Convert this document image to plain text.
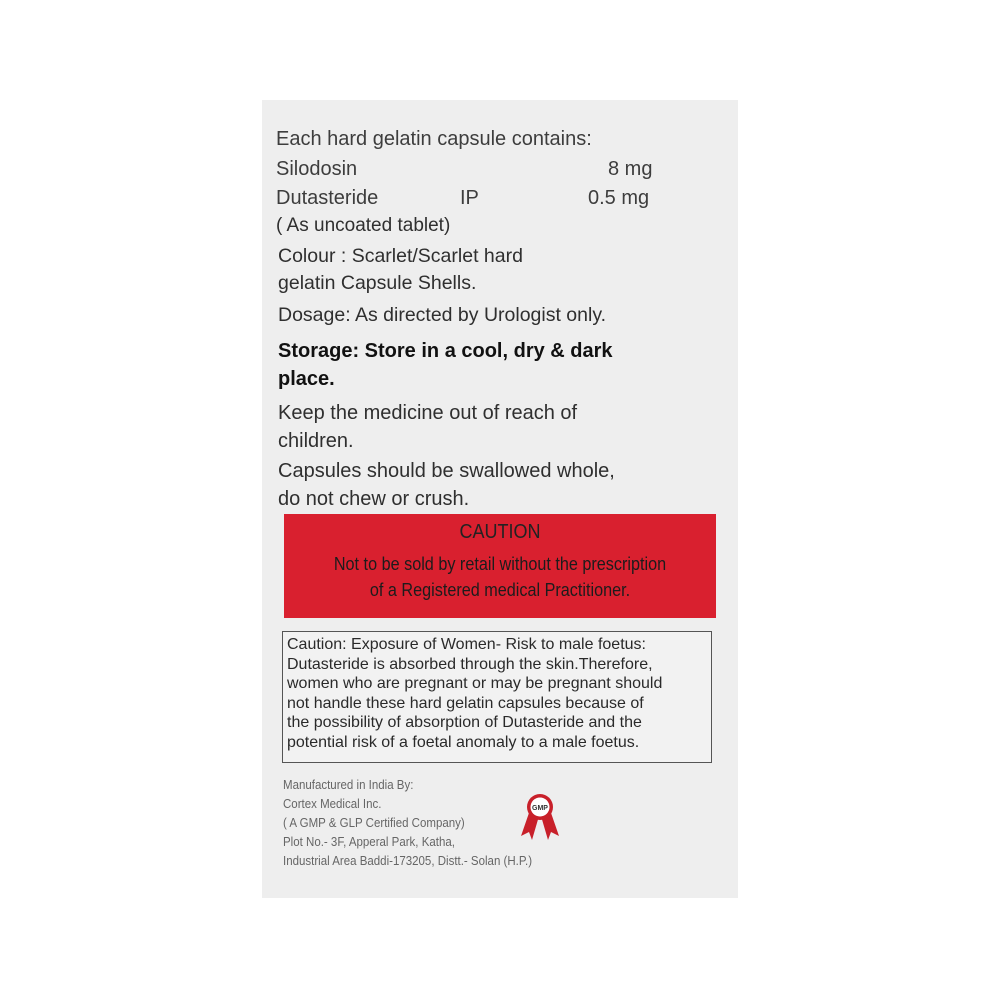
Each hard gelatin capsule contains:
Silodosin	8 mg
Dutasteride	IP	0.5 mg
( As uncoated tablet)
Colour : Scarlet/Scarlet hard
gelatin Capsule Shells.
Dosage: As directed by Urologist only.
Storage: Store in a cool, dry & dark
place.
Keep the medicine out of reach of
children.
Capsules should be swallowed whole,
do not chew or crush.
CAUTION
Not to be sold by retail without the prescription
of a Registered medical Practitioner.
Caution: Exposure of Women- Risk to male foetus:
Dutasteride is absorbed through the skin.Therefore,
women who are pregnant or may be pregnant should
not handle these hard gelatin capsules because of
the possibility of absorption of Dutasteride and the
potential risk of a foetal anomaly to a male foetus.
Manufactured in India By:
Cortex Medical Inc.
( A GMP & GLP Certified Company)
Plot No.- 3F, Apperal Park, Katha,
Industrial Area Baddi-173205, Distt.- Solan (H.P.)
GMP
